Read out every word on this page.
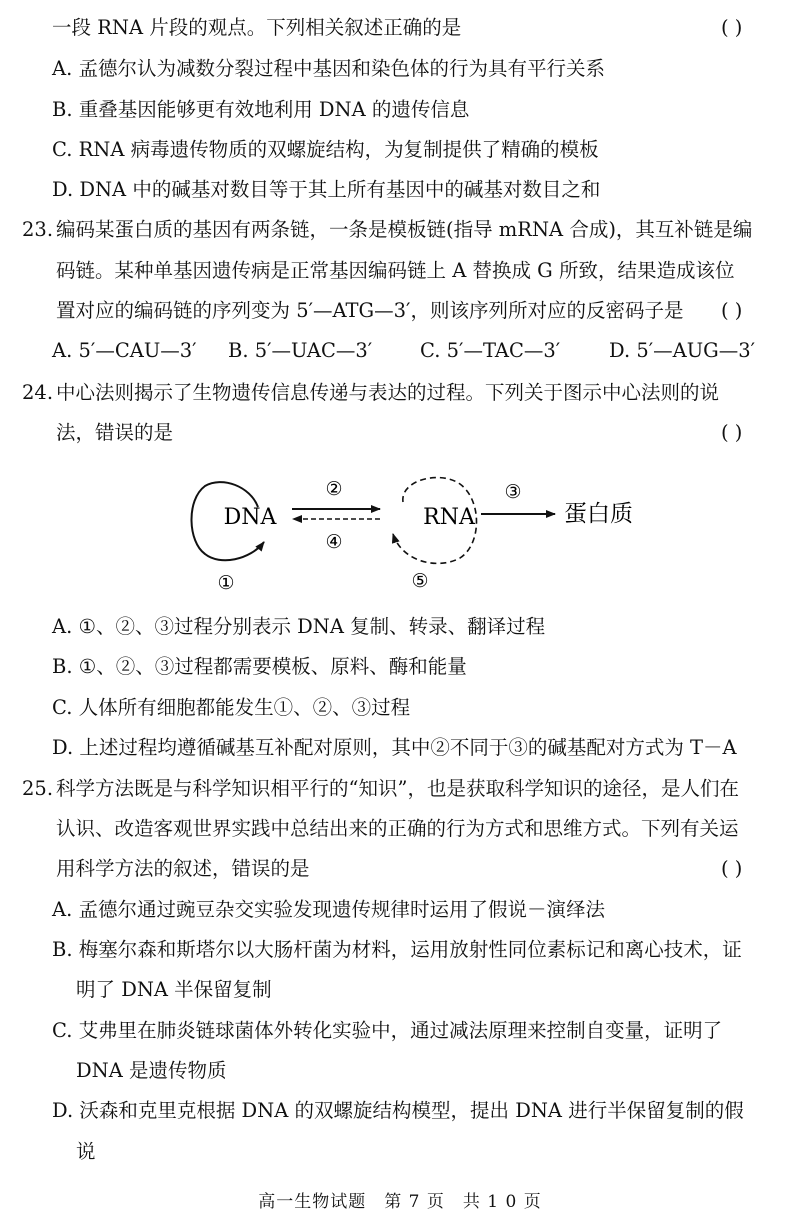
一段 RNA 片段的观点。下列相关叙述正确的是	( )
A. 孟德尔认为减数分裂过程中基因和染色体的行为具有平行关系
B. 重叠基因能够更有效地利用 DNA 的遗传信息
C. RNA 病毒遗传物质的双螺旋结构，为复制提供了精确的模板
D. DNA 中的碱基对数目等于其上所有基因中的碱基对数目之和
23. 编码某蛋白质的基因有两条链，一条是模板链(指导 mRNA 合成)，其互补链是编
码链。某种单基因遗传病是正常基因编码链上 A 替换成 G 所致，结果造成该位
置对应的编码链的序列变为 5′—ATG—3′，则该序列所对应的反密码子是 ( )
A. 5′—CAU—3′ B. 5′—UAC—3′ C. 5′—TAC—3′	D. 5′—AUG—3′
24. 中心法则揭示了生物遗传信息传递与表达的过程。下列关于图示中心法则的说
法，错误的是	( )
DNA
②
④
RNA
③
蛋白质
①	⑤
A. ①、②、③过程分别表示 DNA 复制、转录、翻译过程
B. ①、②、③过程都需要模板、原料、酶和能量
C. 人体所有细胞都能发生①、②、③过程
D. 上述过程均遵循碱基互补配对原则，其中②不同于③的碱基配对方式为 T－A
25. 科学方法既是与科学知识相平行的“知识”，也是获取科学知识的途径，是人们在
认识、改造客观世界实践中总结出来的正确的行为方式和思维方式。下列有关运
用科学方法的叙述，错误的是	( )
A. 孟德尔通过豌豆杂交实验发现遗传规律时运用了假说－演绎法
B. 梅塞尔森和斯塔尔以大肠杆菌为材料，运用放射性同位素标记和离心技术，证
明了 DNA 半保留复制
C. 艾弗里在肺炎链球菌体外转化实验中，通过减法原理来控制自变量，证明了
DNA 是遗传物质
D. 沃森和克里克根据 DNA 的双螺旋结构模型，提出 DNA 进行半保留复制的假
说
高一生物试题　第 7 页　共 1 0 页
